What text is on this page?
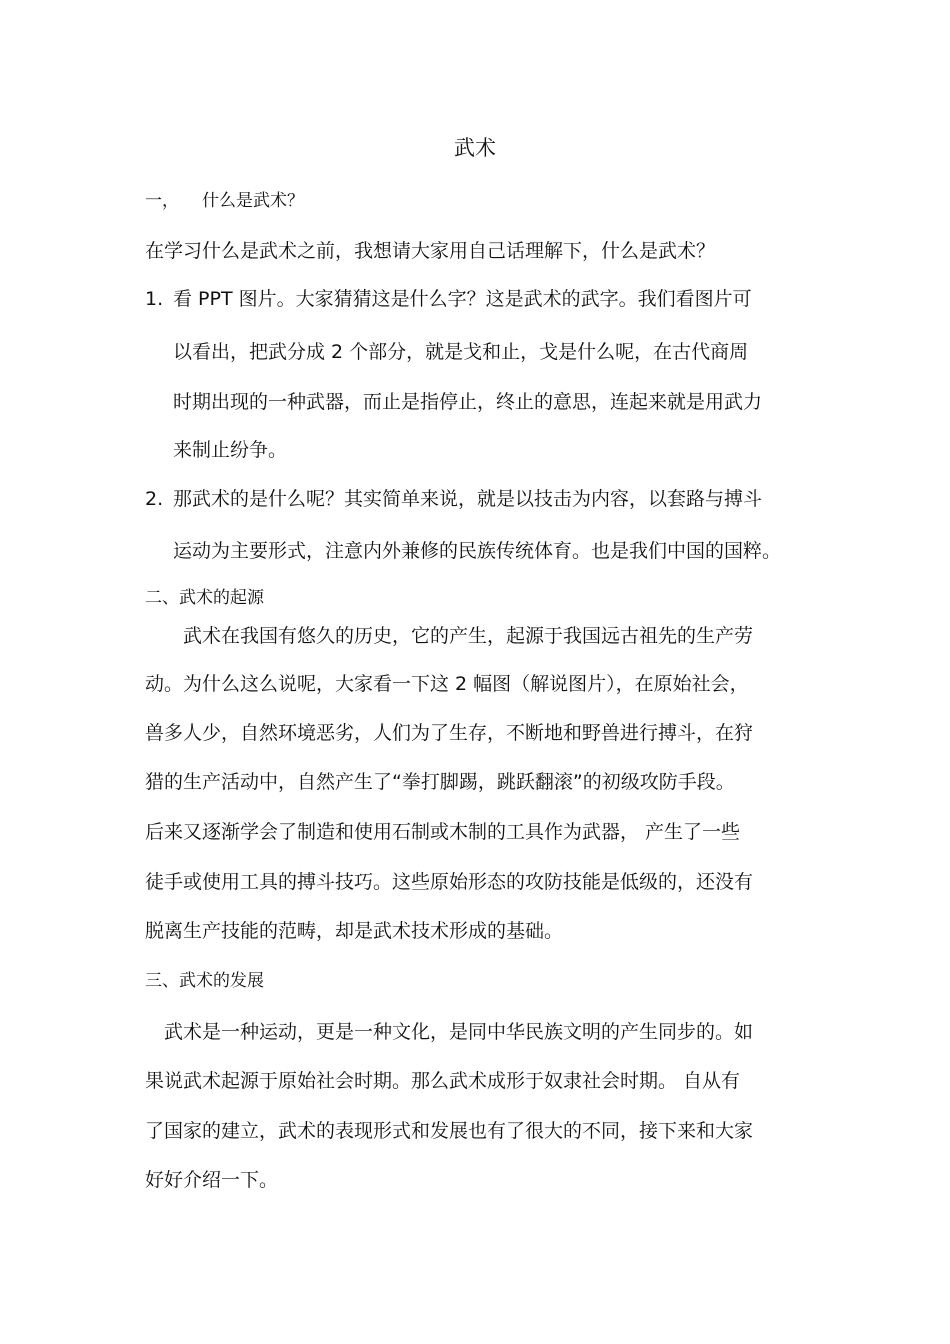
武术
一， 什么是武术？
在学习什么是武术之前，我想请大家用自己话理解下，什么是武术？
1. 看 PPT 图片。大家猜猜这是什么字？这是武术的武字。我们看图片可
以看出，把武分成 2 个部分，就是戈和止，戈是什么呢，在古代商周
时期出现的一种武器，而止是指停止，终止的意思，连起来就是用武力
来制止纷争。
2. 那武术的是什么呢？其实简单来说，就是以技击为内容，以套路与搏斗
运动为主要形式，注意内外兼修的民族传统体育。也是我们中国的国粹。
二、武术的起源
武术在我国有悠久的历史，它的产生，起源于我国远古祖先的生产劳
动。为什么这么说呢，大家看一下这 2 幅图（解说图片），在原始社会，
兽多人少，自然环境恶劣，人们为了生存，不断地和野兽进行搏斗，在狩
猎的生产活动中，自然产生了“拳打脚踢，跳跃翻滚”的初级攻防手段。
后来又逐渐学会了制造和使用石制或木制的工具作为武器， 产生了一些
徒手或使用工具的搏斗技巧。这些原始形态的攻防技能是低级的，还没有
脱离生产技能的范畴，却是武术技术形成的基础。
三、武术的发展
武术是一种运动，更是一种文化，是同中华民族文明的产生同步的。如
果说武术起源于原始社会时期。那么武术成形于奴隶社会时期。 自从有
了国家的建立，武术的表现形式和发展也有了很大的不同，接下来和大家
好好介绍一下。
